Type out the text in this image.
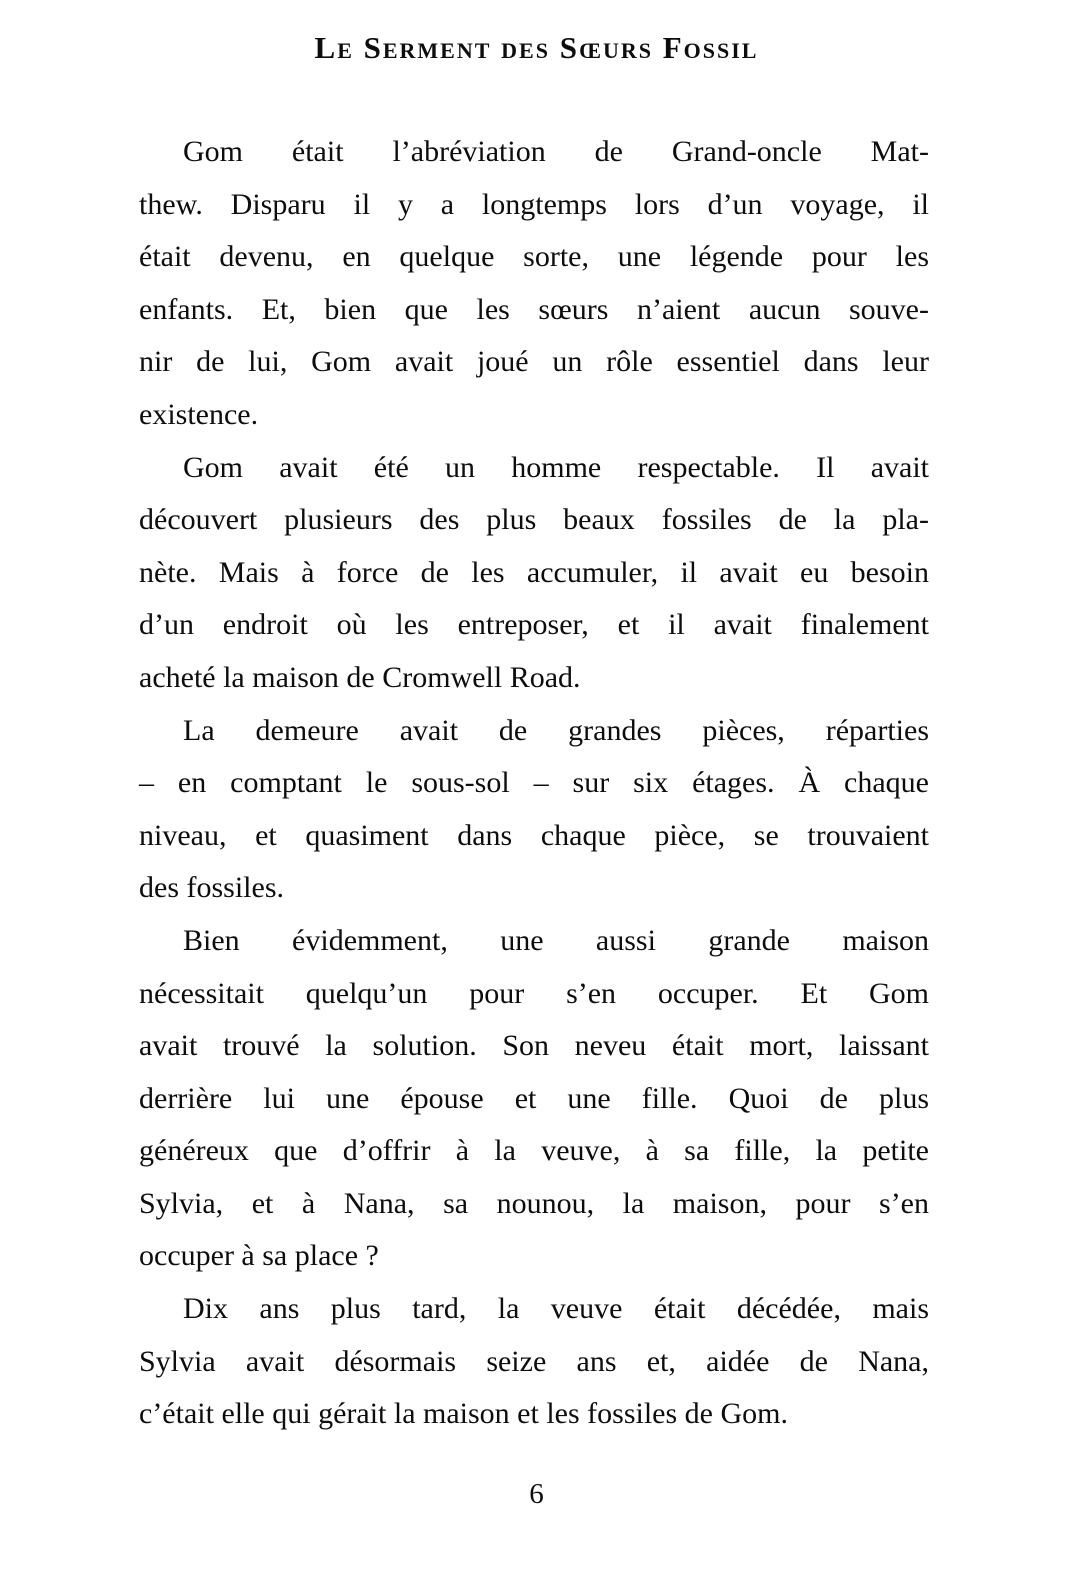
Le Serment des Sœurs Fossil
Gom était l’abréviation de Grand-oncle Mat-
thew. Disparu il y a longtemps lors d’un voyage, il
était devenu, en quelque sorte, une légende pour les
enfants. Et, bien que les sœurs n’aient aucun souve-
nir de lui, Gom avait joué un rôle essentiel dans leur
existence.
Gom avait été un homme respectable. Il avait
découvert plusieurs des plus beaux fossiles de la pla-
nète. Mais à force de les accumuler, il avait eu besoin
d’un endroit où les entreposer, et il avait finalement
acheté la maison de Cromwell Road.
La demeure avait de grandes pièces, réparties
– en comptant le sous-sol – sur six étages. À chaque
niveau, et quasiment dans chaque pièce, se trouvaient
des fossiles.
Bien évidemment, une aussi grande maison
nécessitait quelqu’un pour s’en occuper. Et Gom
avait trouvé la solution. Son neveu était mort, laissant
derrière lui une épouse et une fille. Quoi de plus
généreux que d’offrir à la veuve, à sa fille, la petite
Sylvia, et à Nana, sa nounou, la maison, pour s’en
occuper à sa place ?
Dix ans plus tard, la veuve était décédée, mais
Sylvia avait désormais seize ans et, aidée de Nana,
c’était elle qui gérait la maison et les fossiles de Gom.
6
